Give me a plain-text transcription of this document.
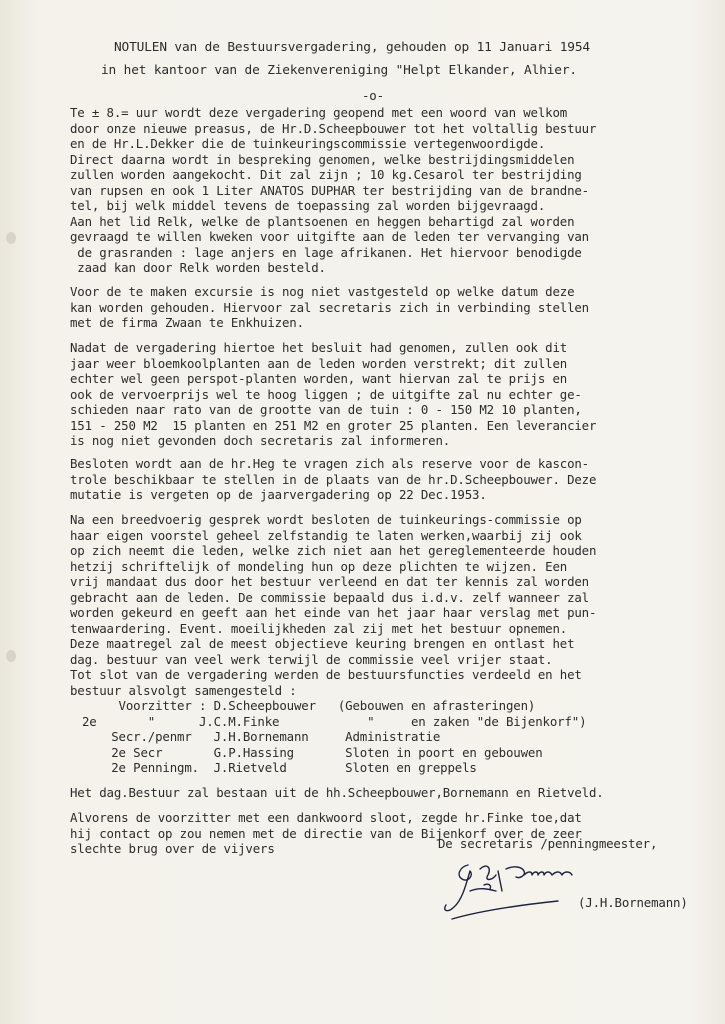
NOTULEN van de Bestuursvergadering, gehouden op 11 Januari 1954
in het kantoor van de Ziekenvereniging "Helpt Elkander, Alhier.
-o-
Te ± 8.= uur wordt deze vergadering geopend met een woord van welkom
door onze nieuwe preasus, de Hr.D.Scheepbouwer tot het voltallig bestuur
en de Hr.L.Dekker die de tuinkeuringscommissie vertegenwoordigde.
Direct daarna wordt in bespreking genomen, welke bestrijdingsmiddelen
zullen worden aangekocht. Dit zal zijn ; 10 kg.Cesarol ter bestrijding
van rupsen en ook 1 Liter ANATOS DUPHAR ter bestrijding van de brandne-
tel, bij welk middel tevens de toepassing zal worden bijgevraagd.
Aan het lid Relk, welke de plantsoenen en heggen behartigd zal worden
gevraagd te willen kweken voor uitgifte aan de leden ter vervanging van
de grasranden : lage anjers en lage afrikanen. Het hiervoor benodigde
zaad kan door Relk worden besteld.
Voor de te maken excursie is nog niet vastgesteld op welke datum deze
kan worden gehouden. Hiervoor zal secretaris zich in verbinding stellen
met de firma Zwaan te Enkhuizen.
Nadat de vergadering hiertoe het besluit had genomen, zullen ook dit
jaar weer bloemkoolplanten aan de leden worden verstrekt; dit zullen
echter wel geen perspot-planten worden, want hiervan zal te prijs en
ook de vervoerprijs wel te hoog liggen ; de uitgifte zal nu echter ge-
schieden naar rato van de grootte van de tuin : 0 - 150 M2 10 planten,
151 - 250 M2  15 planten en 251 M2 en groter 25 planten. Een leverancier
is nog niet gevonden doch secretaris zal informeren.
Besloten wordt aan de hr.Heg te vragen zich als reserve voor de kascon-
trole beschikbaar te stellen in de plaats van de hr.D.Scheepbouwer. Deze
mutatie is vergeten op de jaarvergadering op 22 Dec.1953.
Na een breedvoerig gesprek wordt besloten de tuinkeurings-commissie op
haar eigen voorstel geheel zelfstandig te laten werken,waarbij zij ook
op zich neemt die leden, welke zich niet aan het gereglementeerde houden
hetzij schriftelijk of mondeling hun op deze plichten te wijzen. Een
vrij mandaat dus door het bestuur verleend en dat ter kennis zal worden
gebracht aan de leden. De commissie bepaald dus i.d.v. zelf wanneer zal
worden gekeurd en geeft aan het einde van het jaar haar verslag met pun-
tenwaardering. Event. moeilijkheden zal zij met het bestuur opnemen.
Deze maatregel zal de meest objectieve keuring brengen en ontlast het
dag. bestuur van veel werk terwijl de commissie veel vrijer staat.
Tot slot van de vergadering werden de bestuursfuncties verdeeld en het
bestuur alsvolgt samengesteld :
Voorzitter : D.Scheepbouwer   (Gebouwen en afrasteringen)
2e       "      J.C.M.Finke            "     en zaken "de Bijenkorf")
Secr./penmr   J.H.Bornemann     Administratie
2e Secr       G.P.Hassing       Sloten in poort en gebouwen
2e Penningm.  J.Rietveld        Sloten en greppels
Het dag.Bestuur zal bestaan uit de hh.Scheepbouwer,Bornemann en Rietveld.
Alvorens de voorzitter met een dankwoord sloot, zegde hr.Finke toe,dat
hij contact op zou nemen met de directie van de Bijenkorf over de zeer
slechte brug over de vijvers	De secretaris /penningmeester,
(J.H.Bornemann)
